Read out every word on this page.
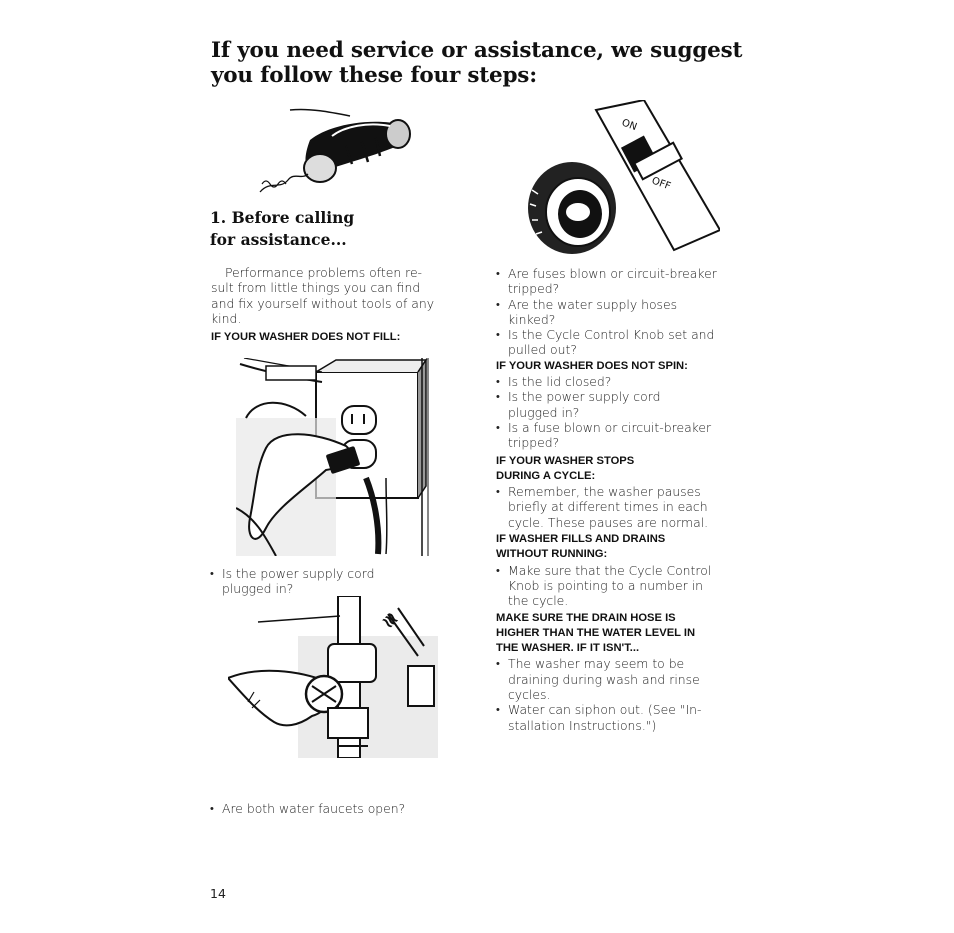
If you need service or assistance, we suggest
you follow these four steps:
1. Before calling
for assistance...
Performance problems often re-
sult from little things you can find
and fix yourself without tools of any
kind.
IF YOUR WASHER DOES NOT FILL:
• Is the power supply cord
plugged in?
≋
• Are both water faucets open?
ON
OFF
• Are fuses blown or circuit-breaker
tripped?
• Are the water supply hoses
kinked?
• Is the Cycle Control Knob set and
pulled out?
IF YOUR WASHER DOES NOT SPIN:
• Is the lid closed?
• Is the power supply cord
plugged in?
• Is a fuse blown or circuit-breaker
tripped?
IF YOUR WASHER STOPS
DURING A CYCLE:
• Remember, the washer pauses
briefly at different times in each
cycle. These pauses are normal.
IF WASHER FILLS AND DRAINS
WITHOUT RUNNING:
• Make sure that the Cycle Control
Knob is pointing to a number in
the cycle.
MAKE SURE THE DRAIN HOSE IS
HIGHER THAN THE WATER LEVEL IN
THE WASHER. IF IT ISN'T...
• The washer may seem to be
draining during wash and rinse
cycles.
• Water can siphon out. (See "In-
stallation Instructions.")
14
